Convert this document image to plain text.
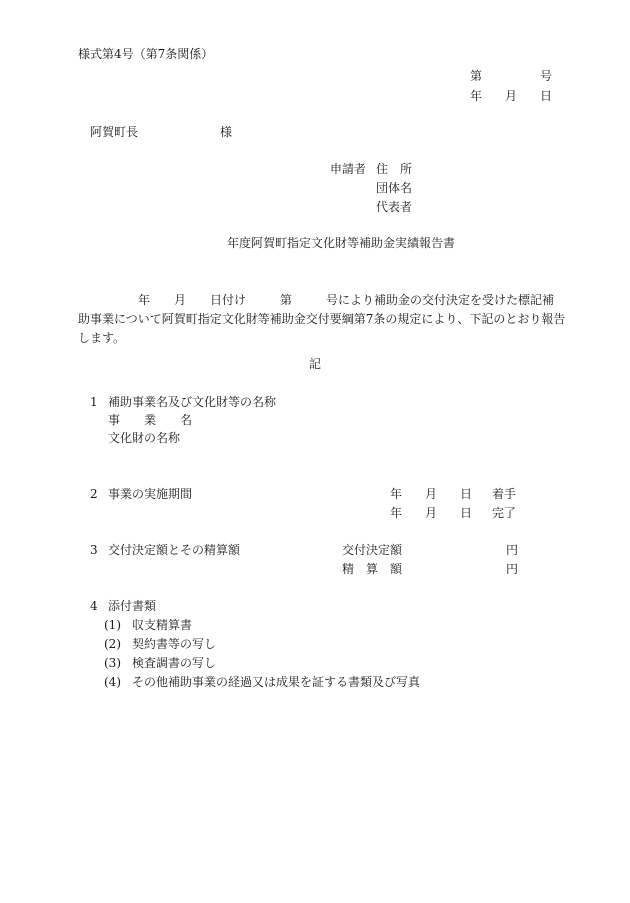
様式第4号（第7条関係）
第	号
年 月 日
阿賀町長	様
申請者 住　所
団体名
代表者
年度阿賀町指定文化財等補助金実績報告書
年 月 日付け	第	号により補助金の交付決定を受けた標記補
助事業について阿賀町指定文化財等補助金交付要綱第7条の規定により、下記のとおり報告
します。
記
1 補助事業名及び文化財等の名称
事　　業　　名
文化財の名称
2 事業の実施期間	年 月 日 着手
年 月 日 完了
3 交付決定額とその精算額	交付決定額	円
精　算　額	円
4 添付書類
(1) 収支精算書
(2) 契約書等の写し
(3) 検査調書の写し
(4) その他補助事業の経過又は成果を証する書類及び写真
